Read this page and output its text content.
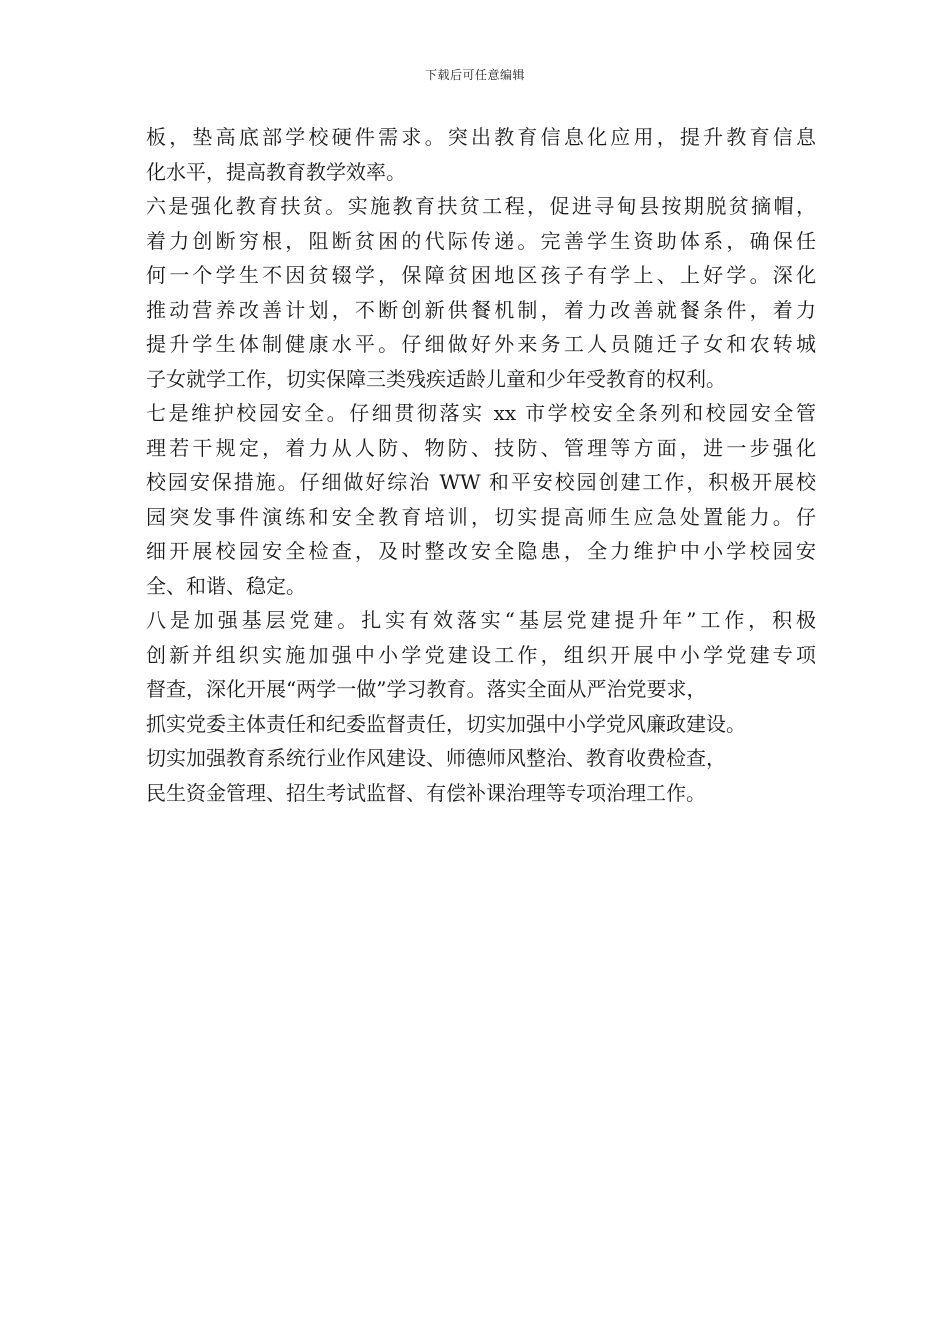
下载后可任意编辑
板，垫高底部学校硬件需求。突出教育信息化应用，提升教育信息
化水平，提高教育教学效率。
六是强化教育扶贫。实施教育扶贫工程，促进寻甸县按期脱贫摘帽，
着力创断穷根，阻断贫困的代际传递。完善学生资助体系，确保任
何一个学生不因贫辍学，保障贫困地区孩子有学上、上好学。深化
推动营养改善计划，不断创新供餐机制，着力改善就餐条件，着力
提升学生体制健康水平。仔细做好外来务工人员随迁子女和农转城
子女就学工作，切实保障三类残疾适龄儿童和少年受教育的权利。
七是维护校园安全。仔细贯彻落实 xx 市学校安全条列和校园安全管
理若干规定，着力从人防、物防、技防、管理等方面，进一步强化
校园安保措施。仔细做好综治 WW 和平安校园创建工作，积极开展校
园突发事件演练和安全教育培训，切实提高师生应急处置能力。仔
细开展校园安全检查，及时整改安全隐患，全力维护中小学校园安
全、和谐、稳定。
八是加强基层党建。扎实有效落实“基层党建提升年”工作，积极
创新并组织实施加强中小学党建设工作，组织开展中小学党建专项
督查，深化开展“两学一做”学习教育。落实全面从严治党要求，
抓实党委主体责任和纪委监督责任，切实加强中小学党风廉政建设。
切实加强教育系统行业作风建设、师德师风整治、教育收费检查，
民生资金管理、招生考试监督、有偿补课治理等专项治理工作。
